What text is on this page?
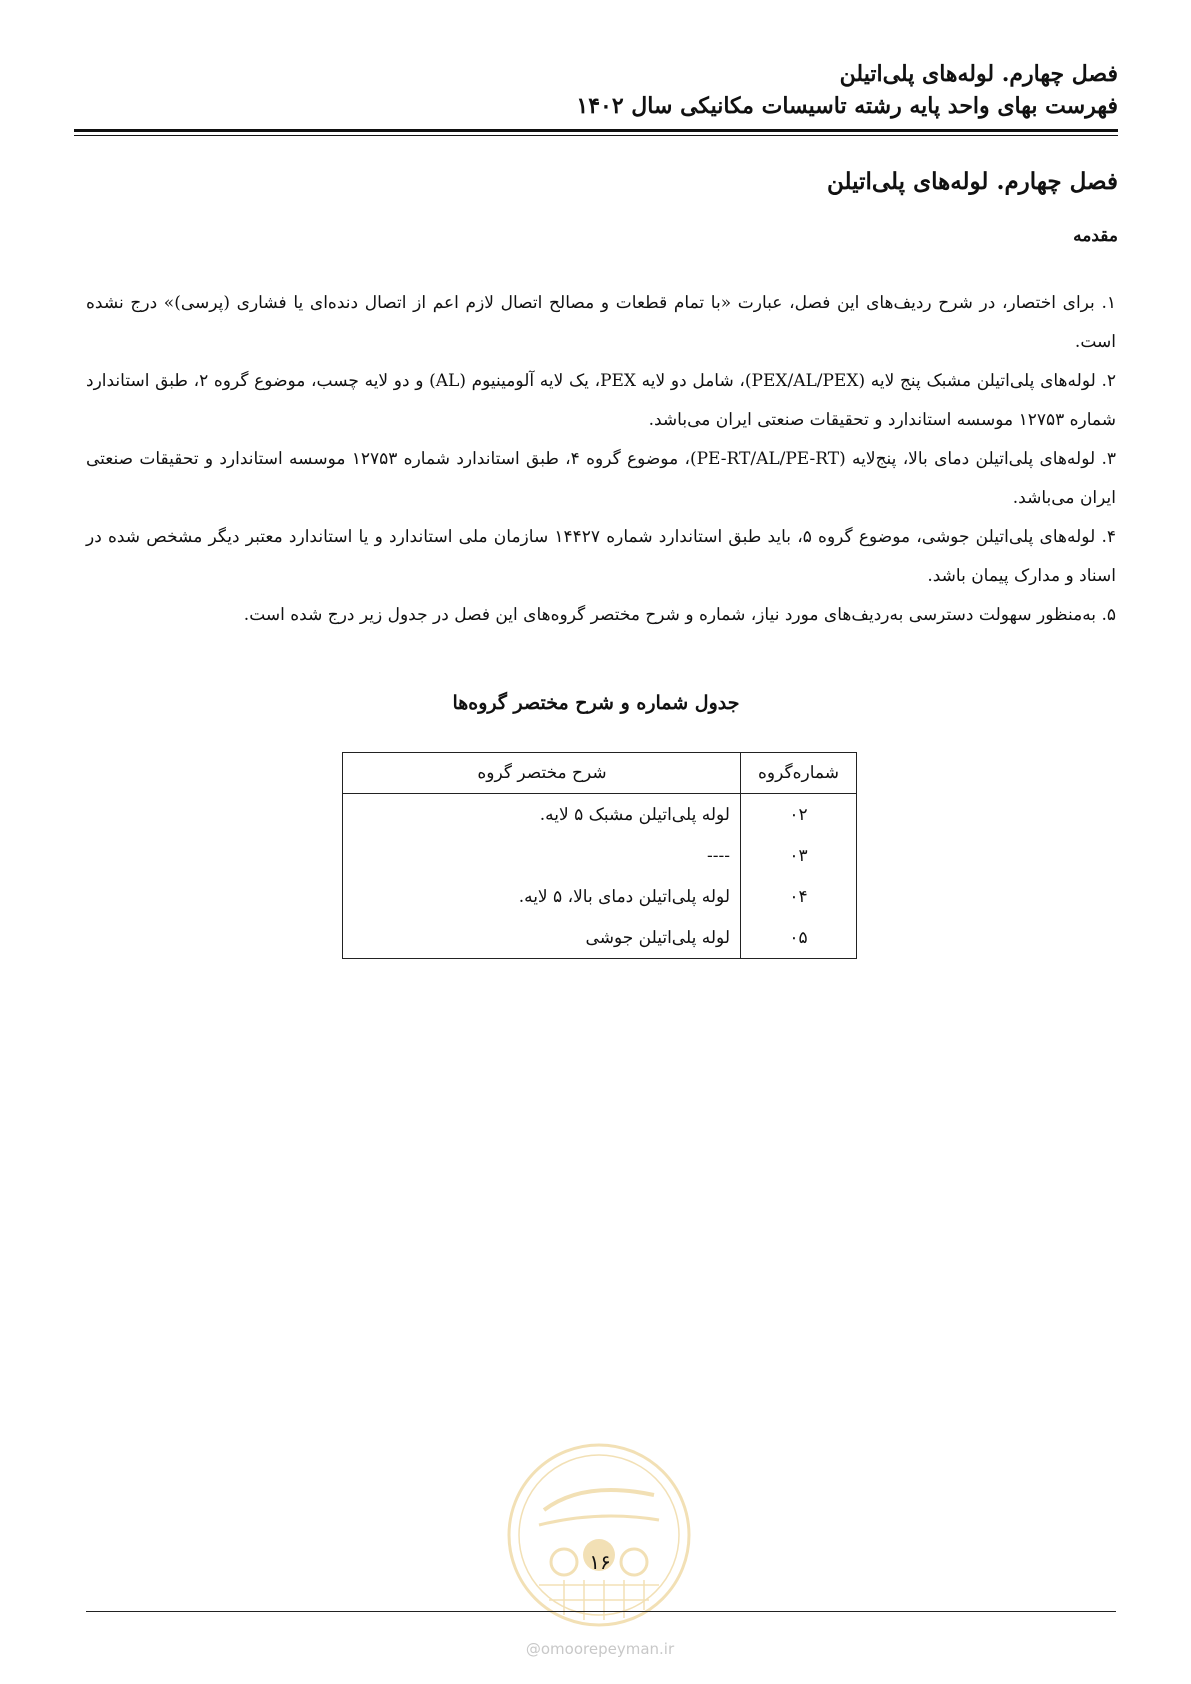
فصل چهارم. لوله‌های پلی‌اتیلن
فهرست بهای واحد پایه رشته تاسیسات مکانیکی سال ۱۴۰۲
فصل چهارم. لوله‌های پلی‌اتیلن
مقدمه

۱. برای اختصار، در شرح ردیف‌های این فصل، عبارت «با تمام قطعات و مصالح اتصال لازم اعم از اتصال دنده‌ای یا فشاری (پرسی)» درج نشده است.

۲. لوله‌های پلی‌اتیلن مشبک پنج لایه (PEX/AL/PEX)، شامل دو لایه PEX، یک لایه آلومینیوم (AL) و دو لایه چسب، موضوع گروه ۲، طبق استاندارد شماره ۱۲۷۵۳ موسسه استاندارد و تحقیقات صنعتی ایران می‌باشد.

۳. لوله‌های پلی‌اتیلن دمای بالا، پنج‌لایه (PE-RT/AL/PE-RT)، موضوع گروه ۴، طبق استاندارد شماره ۱۲۷۵۳ موسسه استاندارد و تحقیقات صنعتی ایران می‌باشد.

۴. لوله‌های پلی‌اتیلن جوشی، موضوع گروه ۵، باید طبق استاندارد شماره ۱۴۴۲۷ سازمان ملی استاندارد و یا استاندارد معتبر دیگر مشخص شده در اسناد و مدارک پیمان باشد.

۵. به‌منظور سهولت دسترسی به‌ردیف‌های مورد نیاز، شماره و شرح مختصر گروه‌های این فصل در جدول زیر درج شده است.

جدول شماره و شرح مختصر گروه‌ها
شماره‌گروه	شرح مختصر گروه
۰۲	لوله پلی‌اتیلن مشبک ۵ لایه.
۰۳	----
۰۴	لوله پلی‌اتیلن دمای بالا، ۵ لایه.
۰۵	لوله پلی‌اتیلن جوشی
۱۶
@omoorepeyman.ir
